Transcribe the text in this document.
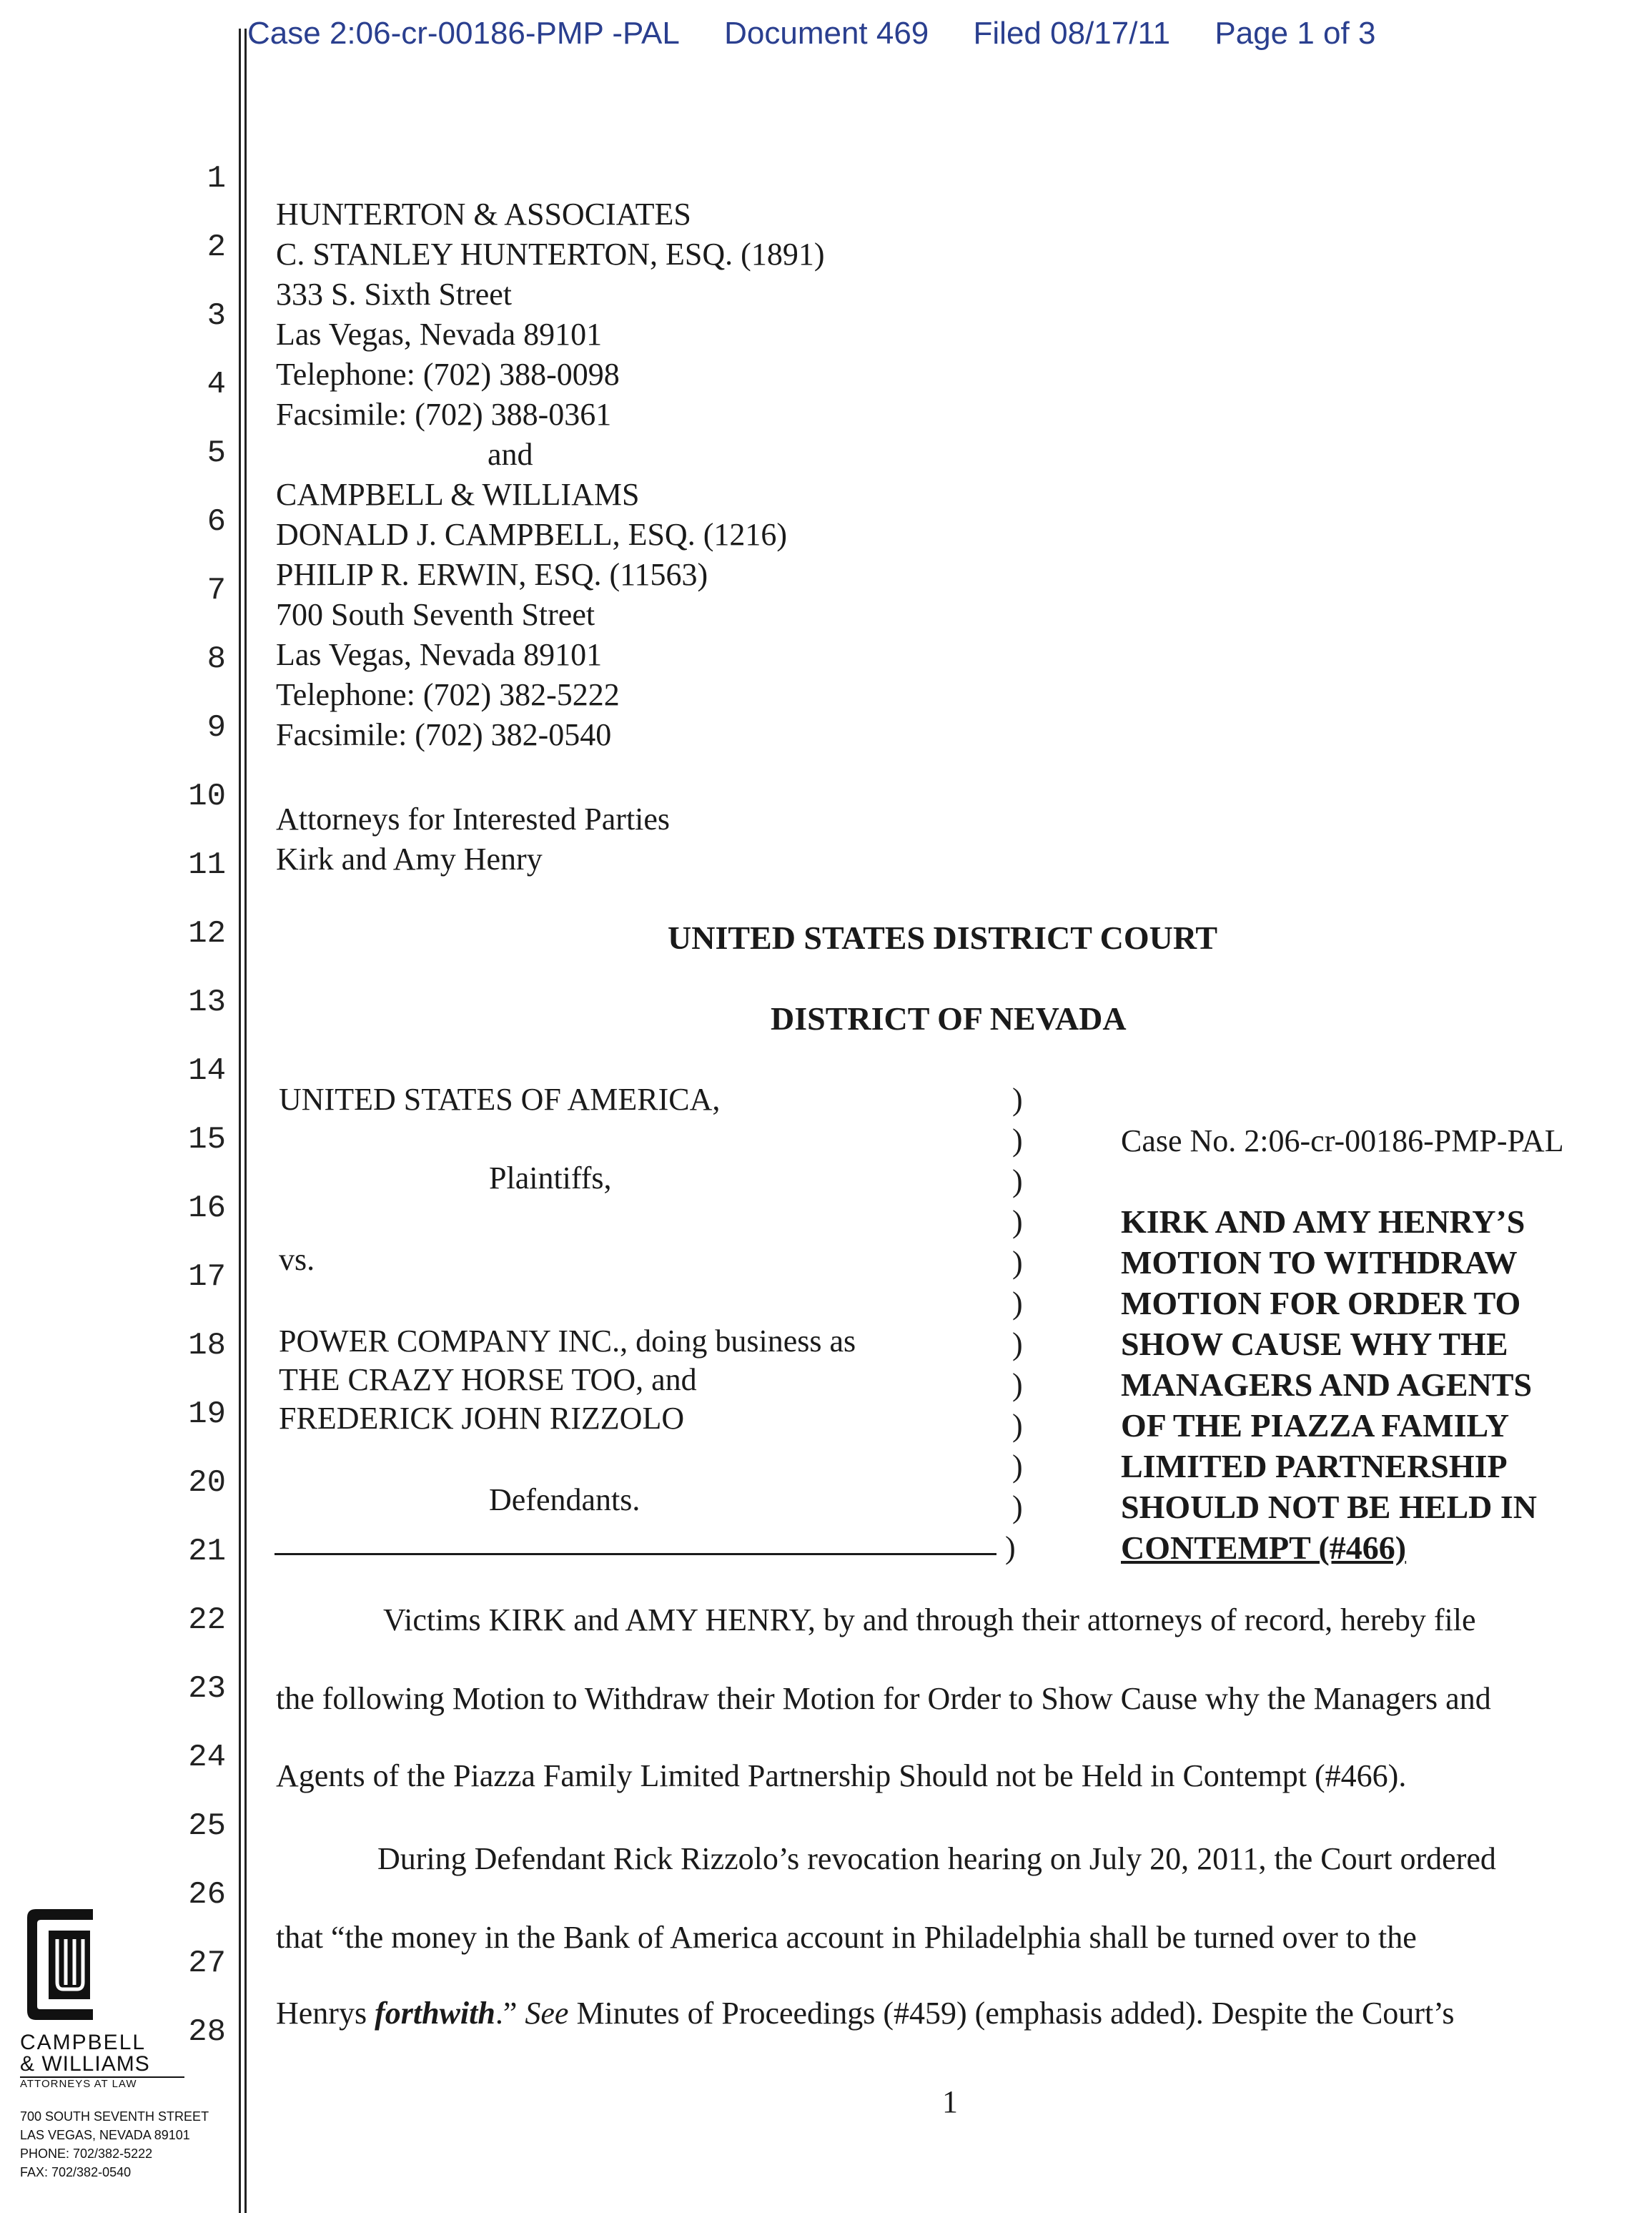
Case 2:06-cr-00186-PMP -PAL Document 469 Filed 08/17/11 Page 1 of 3
1
2
3
4
5
6
7
8
9
10
11
12
13
14
15
16
17
18
19
20
21
22
23
24
25
26
27
28
HUNTERTON & ASSOCIATES
C. STANLEY HUNTERTON, ESQ. (1891)
333 S. Sixth Street
Las Vegas, Nevada 89101
Telephone: (702) 388-0098
Facsimile: (702) 388-0361
and
CAMPBELL & WILLIAMS
DONALD J. CAMPBELL, ESQ. (1216)
PHILIP R. ERWIN, ESQ. (11563)
700 South Seventh Street
Las Vegas, Nevada 89101
Telephone: (702) 382-5222
Facsimile: (702) 382-0540
Attorneys for Interested Parties
Kirk and Amy Henry
UNITED STATES DISTRICT COURT
DISTRICT OF NEVADA
UNITED STATES OF AMERICA,
Plaintiffs,
vs.
POWER COMPANY INC., doing business as
THE CRAZY HORSE TOO, and
FREDERICK JOHN RIZZOLO
Defendants.
)
)
)
)
)
)
)
)
)
)
)
)
Case No. 2:06-cr-00186-PMP-PAL
KIRK AND AMY HENRY’S
MOTION TO WITHDRAW
MOTION FOR ORDER TO
SHOW CAUSE WHY THE
MANAGERS AND AGENTS
OF THE PIAZZA FAMILY
LIMITED PARTNERSHIP
SHOULD NOT BE HELD IN
CONTEMPT (#466)
Victims KIRK and AMY HENRY, by and through their attorneys of record, hereby file
the following Motion to Withdraw their Motion for Order to Show Cause why the Managers and
Agents of the Piazza Family Limited Partnership Should not be Held in Contempt (#466).
During Defendant Rick Rizzolo’s revocation hearing on July 20, 2011, the Court ordered
that “the money in the Bank of America account in Philadelphia shall be turned over to the
Henrys forthwith.” See Minutes of Proceedings (#459) (emphasis added). Despite the Court’s
1
CAMPBELL
& WILLIAMS
ATTORNEYS AT LAW
700 SOUTH SEVENTH STREET
LAS VEGAS, NEVADA 89101
PHONE: 702/382-5222
FAX: 702/382-0540
